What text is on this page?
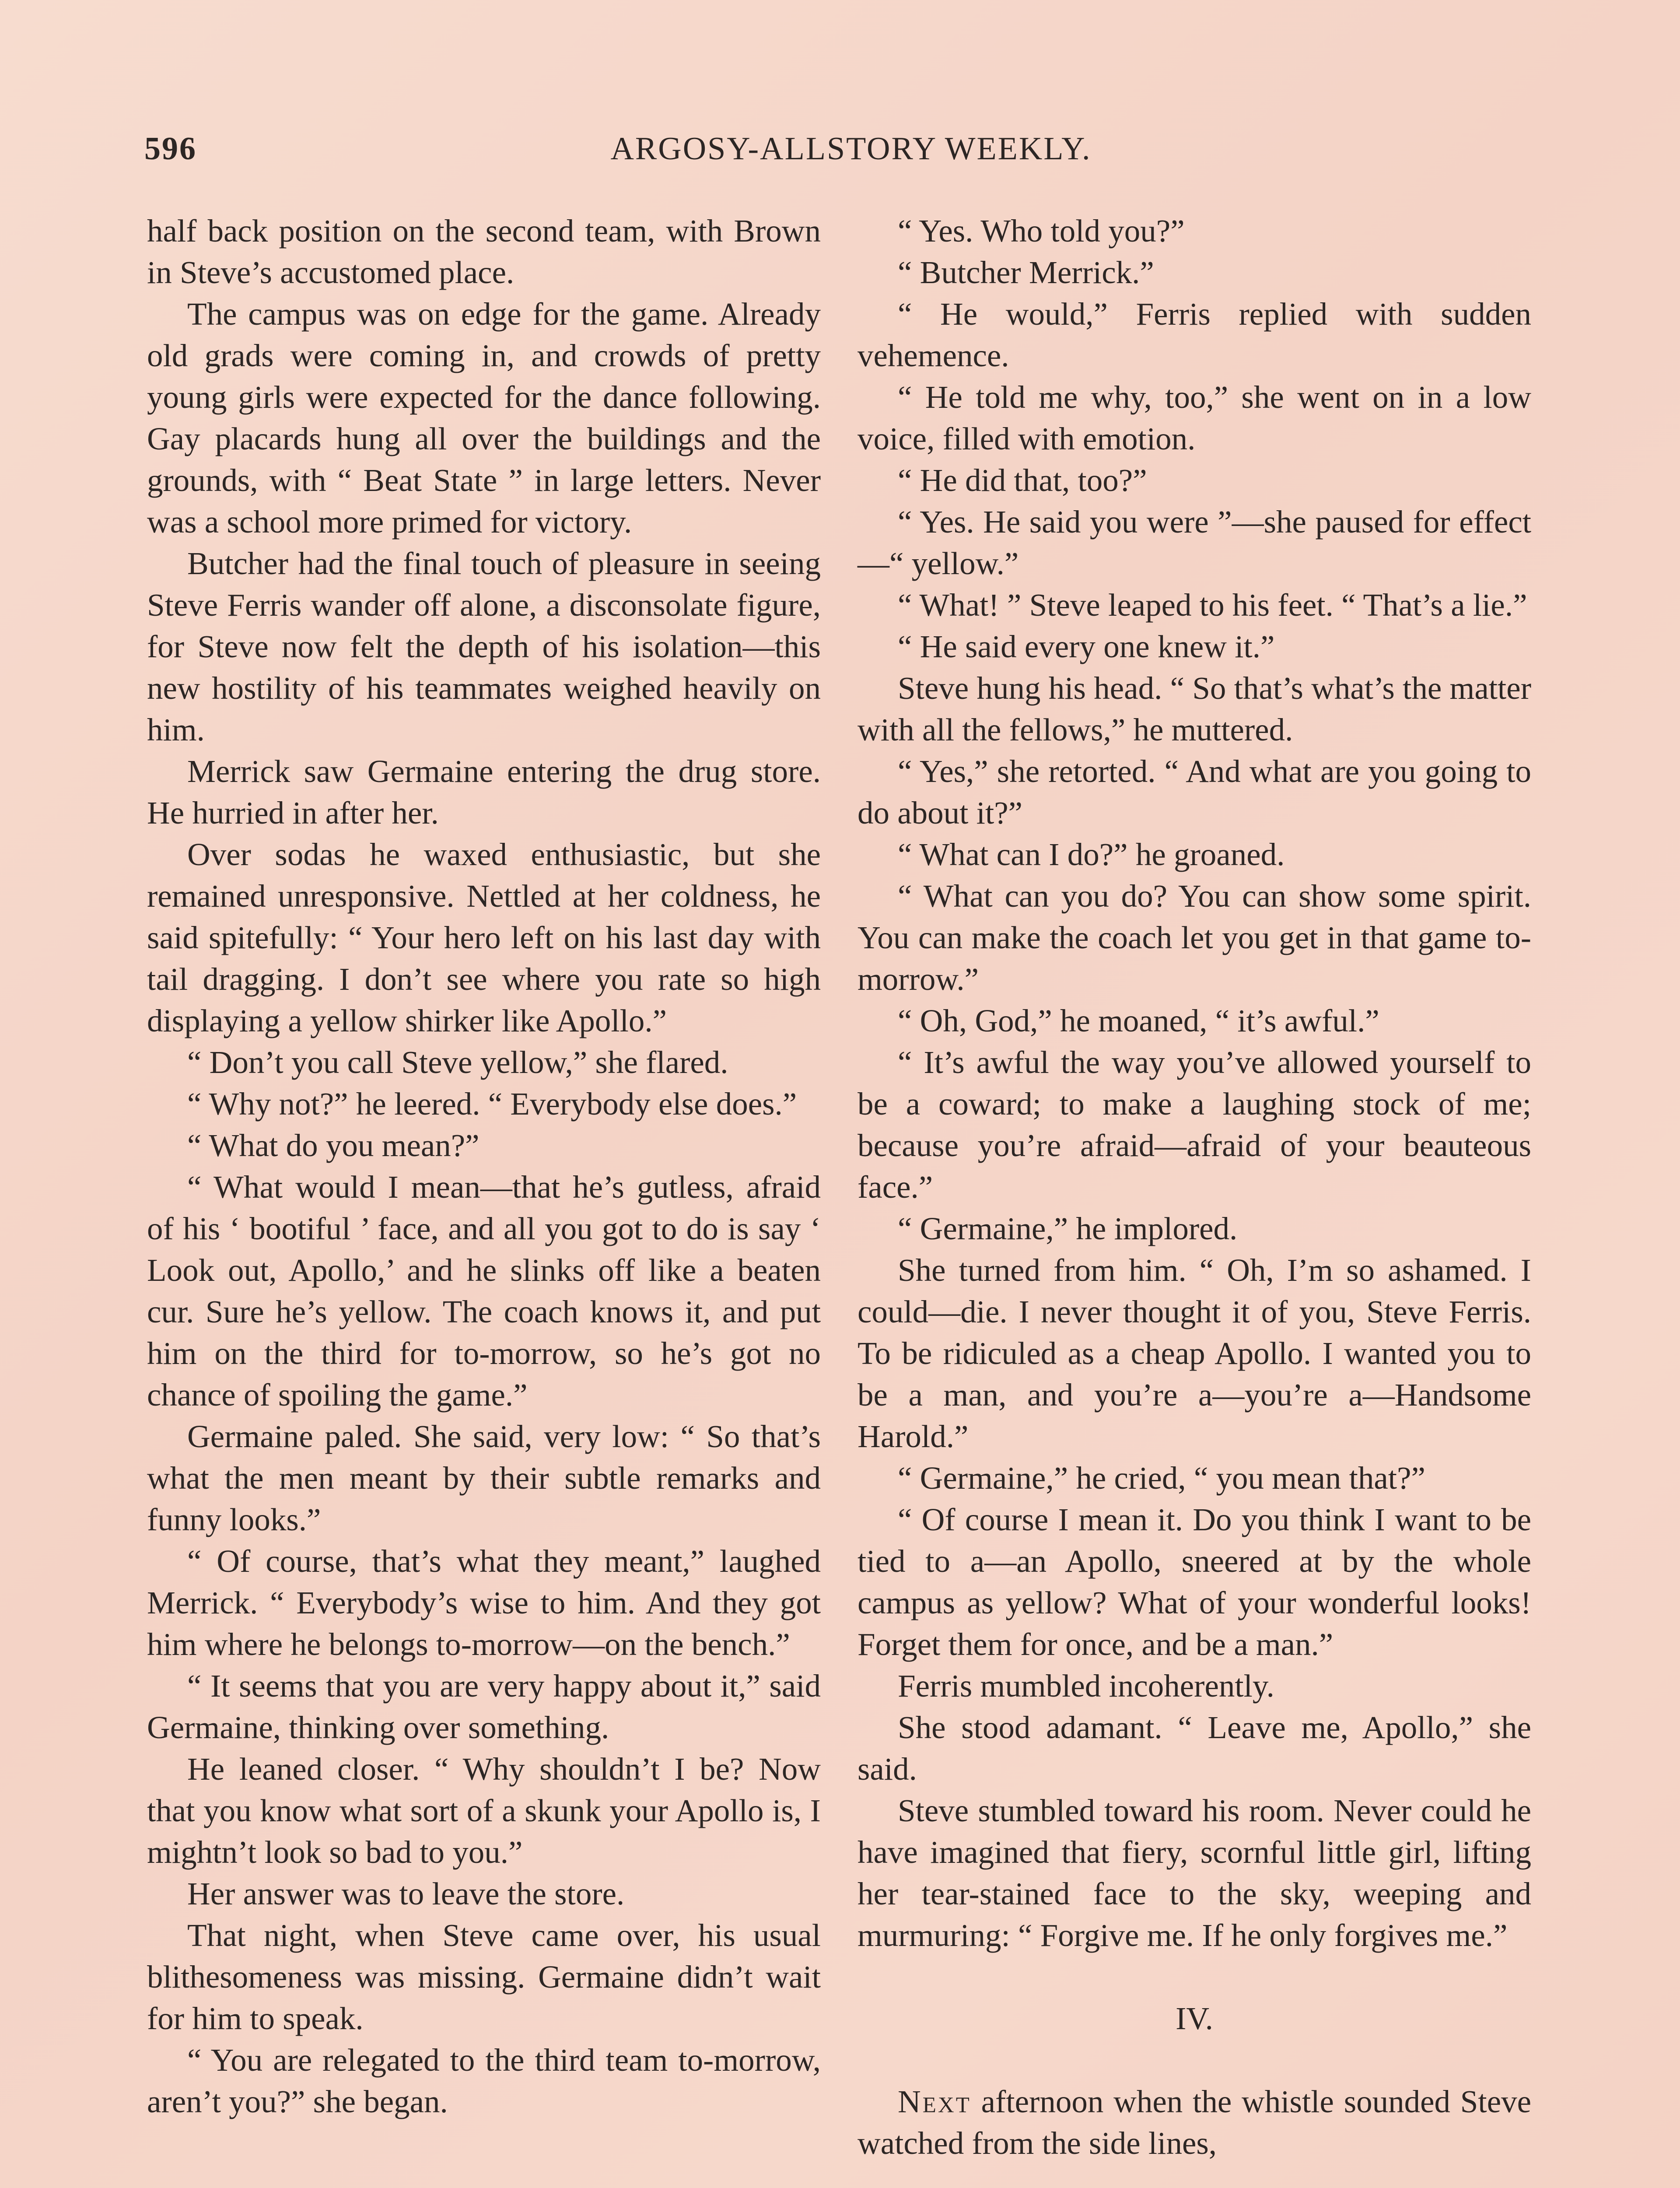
596	ARGOSY-ALLSTORY WEEKLY.

half back position on the second team, with Brown in Steve’s accustomed place.

The campus was on edge for the game. Already old grads were coming in, and crowds of pretty young girls were expected for the dance following. Gay placards hung all over the buildings and the grounds, with “ Beat State ” in large letters. Never was a school more primed for victory.

Butcher had the final touch of pleasure in seeing Steve Ferris wander off alone, a disconsolate figure, for Steve now felt the depth of his isolation—this new hostility of his teammates weighed heavily on him.

Merrick saw Germaine entering the drug store. He hurried in after her.

Over sodas he waxed enthusiastic, but she remained unresponsive. Nettled at her coldness, he said spitefully: “ Your hero left on his last day with tail dragging. I don’t see where you rate so high displaying a yellow shirker like Apollo.”

“ Don’t you call Steve yellow,” she flared.

“ Why not?” he leered. “ Everybody else does.”

“ What do you mean?”

“ What would I mean—that he’s gutless, afraid of his ‘ bootiful ’ face, and all you got to do is say ‘ Look out, Apollo,’ and he slinks off like a beaten cur. Sure he’s yellow. The coach knows it, and put him on the third for to-morrow, so he’s got no chance of spoiling the game.”

Germaine paled. She said, very low: “ So that’s what the men meant by their subtle remarks and funny looks.”

“ Of course, that’s what they meant,” laughed Merrick. “ Everybody’s wise to him. And they got him where he belongs to-morrow—on the bench.”

“ It seems that you are very happy about it,” said Germaine, thinking over something.

He leaned closer. “ Why shouldn’t I be? Now that you know what sort of a skunk your Apollo is, I mightn’t look so bad to you.”

Her answer was to leave the store.

That night, when Steve came over, his usual blithesomeness was missing. Germaine didn’t wait for him to speak.

“ You are relegated to the third team to-morrow, aren’t you?” she began.

“ Yes. Who told you?”

“ Butcher Merrick.”

“ He would,” Ferris replied with sudden vehemence.

“ He told me why, too,” she went on in a low voice, filled with emotion.

“ He did that, too?”

“ Yes. He said you were ”—she paused for effect—“ yellow.”

“ What! ” Steve leaped to his feet. “ That’s a lie.”

“ He said every one knew it.”

Steve hung his head. “ So that’s what’s the matter with all the fellows,” he muttered.

“ Yes,” she retorted. “ And what are you going to do about it?”

“ What can I do?” he groaned.

“ What can you do? You can show some spirit. You can make the coach let you get in that game to-morrow.”

“ Oh, God,” he moaned, “ it’s awful.”

“ It’s awful the way you’ve allowed yourself to be a coward; to make a laughing stock of me; because you’re afraid—afraid of your beauteous face.”

“ Germaine,” he implored.

She turned from him. “ Oh, I’m so ashamed. I could—die. I never thought it of you, Steve Ferris. To be ridiculed as a cheap Apollo. I wanted you to be a man, and you’re a—you’re a—Handsome Harold.”

“ Germaine,” he cried, “ you mean that?”

“ Of course I mean it. Do you think I want to be tied to a—an Apollo, sneered at by the whole campus as yellow? What of your wonderful looks! Forget them for once, and be a man.”

Ferris mumbled incoherently.

She stood adamant. “ Leave me, Apollo,” she said.

Steve stumbled toward his room. Never could he have imagined that fiery, scornful little girl, lifting her tear-stained face to the sky, weeping and murmuring: “ Forgive me. If he only forgives me.”

IV.

Next afternoon when the whistle sounded Steve watched from the side lines,
